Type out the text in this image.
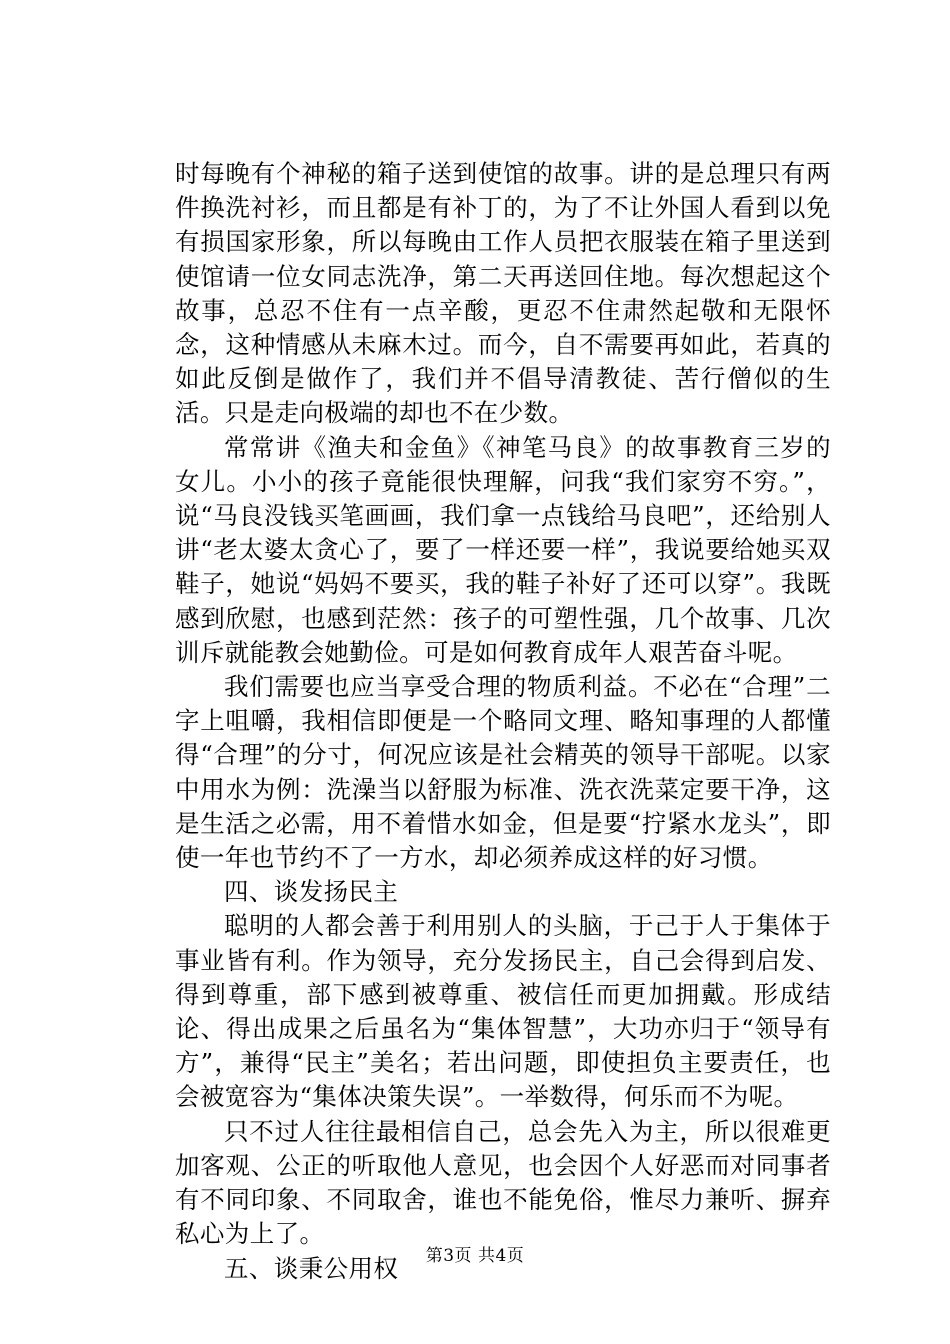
时每晚有个神秘的箱子送到使馆的故事。讲的是总理只有两件换洗衬衫，而且都是有补丁的，为了不让外国人看到以免有损国家形象，所以每晚由工作人员把衣服装在箱子里送到使馆请一位女同志洗净，第二天再送回住地。每次想起这个故事，总忍不住有一点辛酸，更忍不住肃然起敬和无限怀念，这种情感从未麻木过。而今，自不需要再如此，若真的如此反倒是做作了，我们并不倡导清教徒、苦行僧似的生活。只是走向极端的却也不在少数。

常常讲《渔夫和金鱼》《神笔马良》的故事教育三岁的女儿。小小的孩子竟能很快理解，问我“我们家穷不穷。”，说“马良没钱买笔画画，我们拿一点钱给马良吧”，还给别人讲“老太婆太贪心了，要了一样还要一样”，我说要给她买双鞋子，她说“妈妈不要买，我的鞋子补好了还可以穿”。我既感到欣慰，也感到茫然：孩子的可塑性强，几个故事、几次训斥就能教会她勤俭。可是如何教育成年人艰苦奋斗呢。

我们需要也应当享受合理的物质利益。不必在“合理”二字上咀嚼，我相信即便是一个略同文理、略知事理的人都懂得“合理”的分寸，何况应该是社会精英的领导干部呢。以家中用水为例：洗澡当以舒服为标准、洗衣洗菜定要干净，这是生活之必需，用不着惜水如金，但是要“拧紧水龙头”，即使一年也节约不了一方水，却必须养成这样的好习惯。

四、谈发扬民主

聪明的人都会善于利用别人的头脑，于己于人于集体于事业皆有利。作为领导，充分发扬民主，自己会得到启发、得到尊重，部下感到被尊重、被信任而更加拥戴。形成结论、得出成果之后虽名为“集体智慧”，大功亦归于“领导有方”，兼得“民主”美名；若出问题，即使担负主要责任，也会被宽容为“集体决策失误”。一举数得，何乐而不为呢。

只不过人往往最相信自己，总会先入为主，所以很难更加客观、公正的听取他人意见，也会因个人好恶而对同事者有不同印象、不同取舍，谁也不能免俗，惟尽力兼听、摒弃私心为上了。

五、谈秉公用权	第3页 共4页
